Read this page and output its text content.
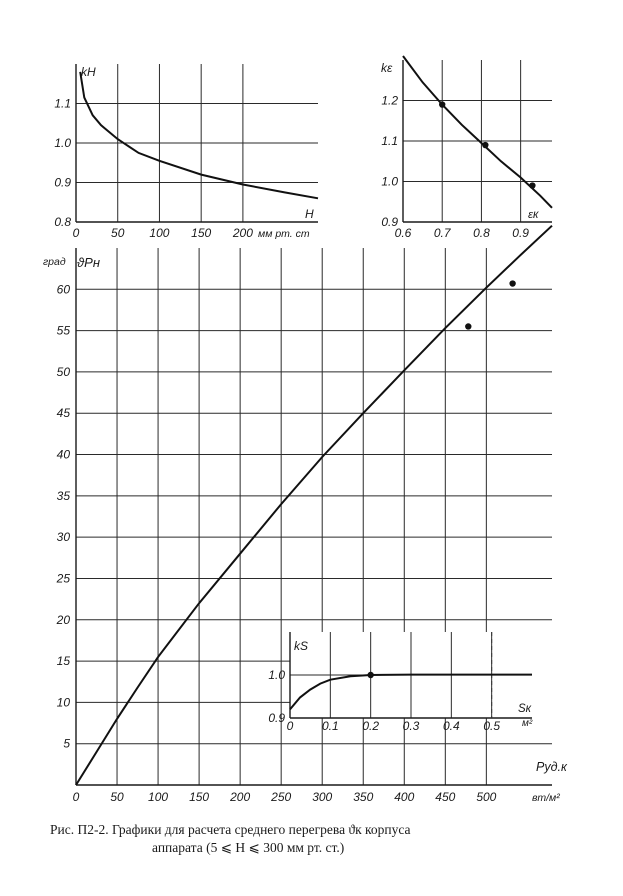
0	50 100 150 200
0.8
0.9
1.0
1.1
kH
H
мм рт. ст	0.6 0.7 0.8 0.9
0.9
1.0
1.1
1.2
kε
εк
0	50 100 150 200 250 300 350 400 450 500
5
10
15
20
25
30
35
40
45
50
55
60
град ϑPн
Pуд.к
вт/м²
0 0.1 0.2 0.3 0.4 0.5
0.9
1.0
kS
Sк
м²
Рис. П2-2. Графики для расчета среднего перегрева ϑк корпуса
аппарата (5 ⩽ H ⩽ 300 мм рт. ст.)
